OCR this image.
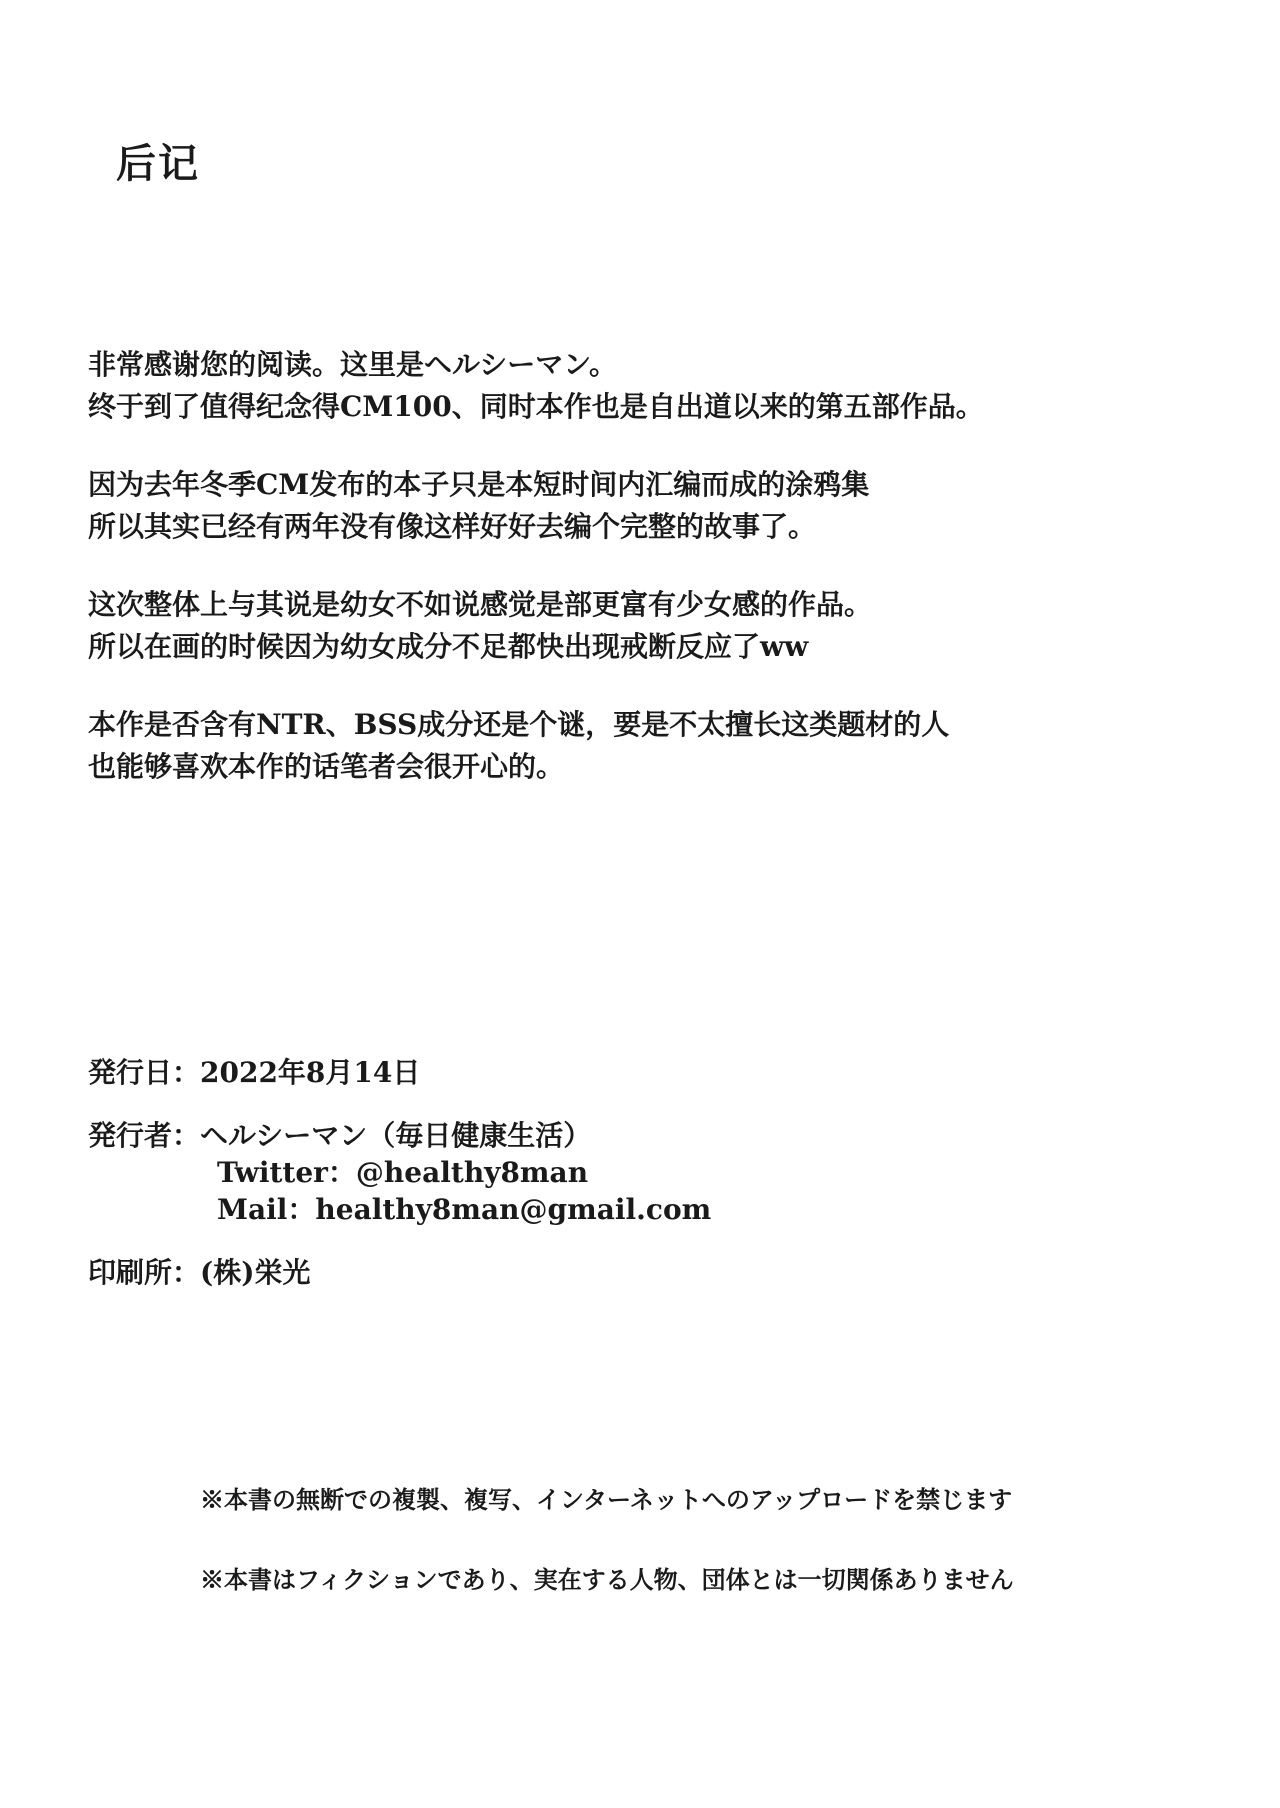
后记
非常感谢您的阅读。这里是ヘルシーマン。
终于到了值得纪念得CM100、同时本作也是自出道以来的第五部作品。
因为去年冬季CM发布的本子只是本短时间内汇编而成的涂鸦集
所以其实已经有两年没有像这样好好去编个完整的故事了。
这次整体上与其说是幼女不如说感觉是部更富有少女感的作品。
所以在画的时候因为幼女成分不足都快出现戒断反应了ww
本作是否含有NTR、BSS成分还是个谜，要是不太擅长这类题材的人
也能够喜欢本作的话笔者会很开心的。
発行日：2022年8月14日
発行者：ヘルシーマン（毎日健康生活）
Twitter：@healthy8man
Mail：healthy8man@gmail.com
印刷所：(株)栄光
※本書の無断での複製、複写、インターネットへのアップロードを禁じます
※本書はフィクションであり、実在する人物、団体とは一切関係ありません
